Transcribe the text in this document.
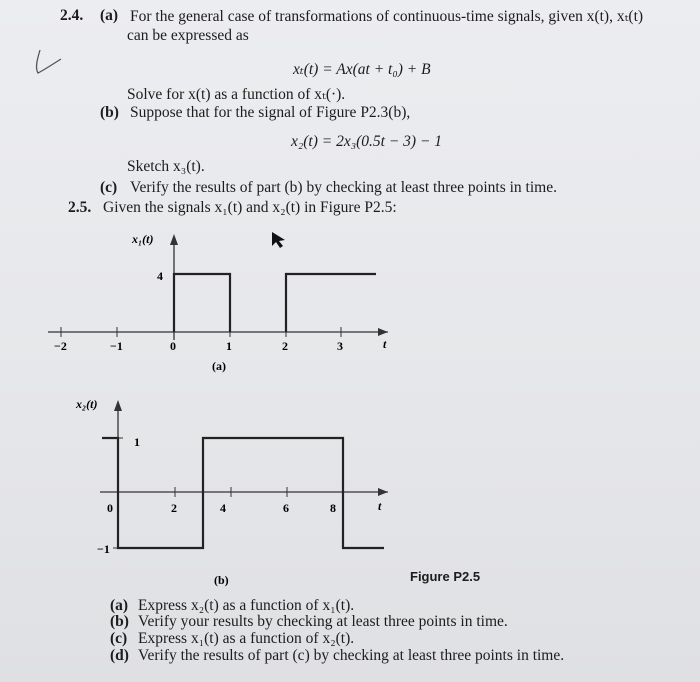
2.4. (a) For the general case of transformations of continuous-time signals, given x(t), xₜ(t)
can be expressed as
xₜ(t) = Ax(at + t₀) + B
Solve for x(t) as a function of xₜ(·).
(b) Suppose that for the signal of Figure P2.3(b),
x₂(t) = 2x₃(0.5t − 3) − 1
Sketch x₃(t).
(c) Verify the results of part (b) by checking at least three points in time.
2.5. Given the signals x₁(t) and x₂(t) in Figure P2.5:
x₁(t)
4
−2	−1	0	1	2	3	t
(a)
x₂(t)
1
−1
0	2	4	6	8	t
(b)	Figure P2.5
(a) Express x₂(t) as a function of x₁(t).
(b) Verify your results by checking at least three points in time.
(c) Express x₁(t) as a function of x₂(t).
(d) Verify the results of part (c) by checking at least three points in time.
